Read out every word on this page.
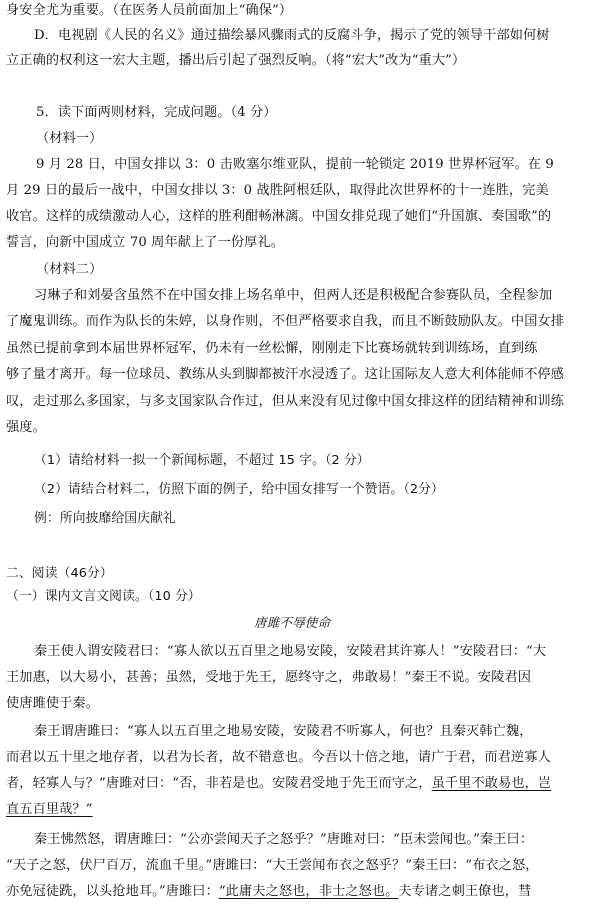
身安全尤为重要。（在医务人员前面加上“确保”）
D．电视剧《人民的名义》通过描绘暴风骤雨式的反腐斗争，揭示了党的领导干部如何树
立正确的权利这一宏大主题，播出后引起了强烈反响。（将“宏大”改为“重大”）
5．读下面两则材料，完成问题。（4 分）
（材料一）
9 月 28 日，中国女排以 3：0 击败塞尔维亚队，提前一轮锁定 2019 世界杯冠军。在 9
月 29 日的最后一战中，中国女排以 3：0 战胜阿根廷队，取得此次世界杯的十一连胜，完美
收官。这样的成绩激动人心，这样的胜利酣畅淋漓。中国女排兑现了她们“升国旗、奏国歌”的
誓言，向新中国成立 70 周年献上了一份厚礼。
（材料二）
习琳子和刘晏含虽然不在中国女排上场名单中，但两人还是积极配合参赛队员，全程参加
了魔鬼训练。而作为队长的朱婷，以身作则，不但严格要求自我，而且不断鼓励队友。中国女排
虽然已提前拿到本届世界杯冠军，仍未有一丝松懈，刚刚走下比赛场就转到训练场，直到练
够了量才离开。每一位球员、教练从头到脚都被汗水浸透了。这让国际友人意大利体能师不停感
叹，走过那么多国家，与多支国家队合作过，但从来没有见过像中国女排这样的团结精神和训练
强度。
（1）请给材料一拟一个新闻标题，不超过 15 字。（2 分）
（2）请结合材料二，仿照下面的例子，给中国女排写一个赞语。（2分）
例：所向披靡给国庆献礼
二、阅读（46分）
（一）课内文言文阅读。（10 分）
唐雎不辱使命
秦王使人谓安陵君曰：“寡人欲以五百里之地易安陵，安陵君其许寡人！”安陵君曰：“大
王加惠，以大易小，甚善；虽然，受地于先王，愿终守之，弗敢易！”秦王不说。安陵君因
使唐雎使于秦。
秦王谓唐雎曰：“寡人以五百里之地易安陵，安陵君不听寡人，何也？且秦灭韩亡魏，
而君以五十里之地存者，以君为长者，故不错意也。今吾以十倍之地，请广于君，而君逆寡人
者，轻寡人与？”唐雎对曰：“否，非若是也。安陵君受地于先王而守之， 虽千里不敢易也，岂
直五百里哉？”
秦王怫然怒，谓唐雎曰：“公亦尝闻天子之怒乎？”唐雎对曰：“臣未尝闻也。”秦王曰：
“天子之怒，伏尸百万，流血千里。”唐雎曰：“大王尝闻布衣之怒乎？”秦王曰：“布衣之怒，
亦免冠徒跣，以头抢地耳。”唐雎曰：“此庸夫之怒也，非士之怒也。夫专诸之刺王僚也，彗
